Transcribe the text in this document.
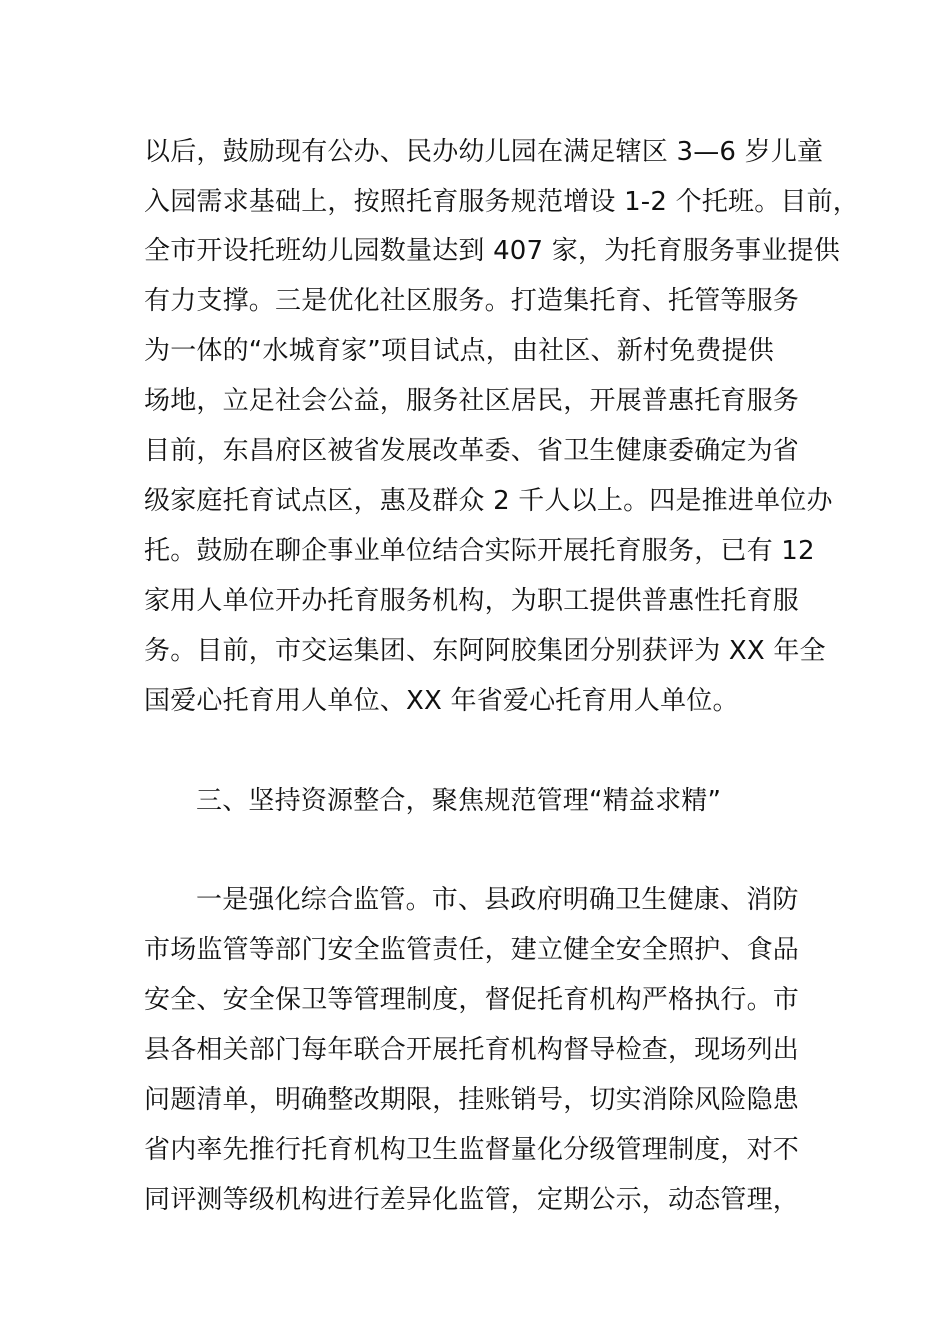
以后，鼓励现有公办、民办幼儿园在满足辖区 3—6 岁儿童
入园需求基础上，按照托育服务规范增设 1-2 个托班。目前，
全市开设托班幼儿园数量达到 407 家，为托育服务事业提供
有力支撑。三是优化社区服务。打造集托育、托管等服务
为一体的“水城育家”项目试点，由社区、新村免费提供
场地，立足社会公益，服务社区居民，开展普惠托育服务
目前，东昌府区被省发展改革委、省卫生健康委确定为省
级家庭托育试点区，惠及群众 2 千人以上。四是推进单位办
托。鼓励在聊企事业单位结合实际开展托育服务，已有 12
家用人单位开办托育服务机构，为职工提供普惠性托育服
务。目前，市交运集团、东阿阿胶集团分别获评为 XX 年全
国爱心托育用人单位、XX 年省爱心托育用人单位。
三、坚持资源整合，聚焦规范管理“精益求精”
一是强化综合监管。市、县政府明确卫生健康、消防
市场监管等部门安全监管责任，建立健全安全照护、食品
安全、安全保卫等管理制度，督促托育机构严格执行。市
县各相关部门每年联合开展托育机构督导检查，现场列出
问题清单，明确整改期限，挂账销号，切实消除风险隐患
省内率先推行托育机构卫生监督量化分级管理制度，对不
同评测等级机构进行差异化监管，定期公示，动态管理，
